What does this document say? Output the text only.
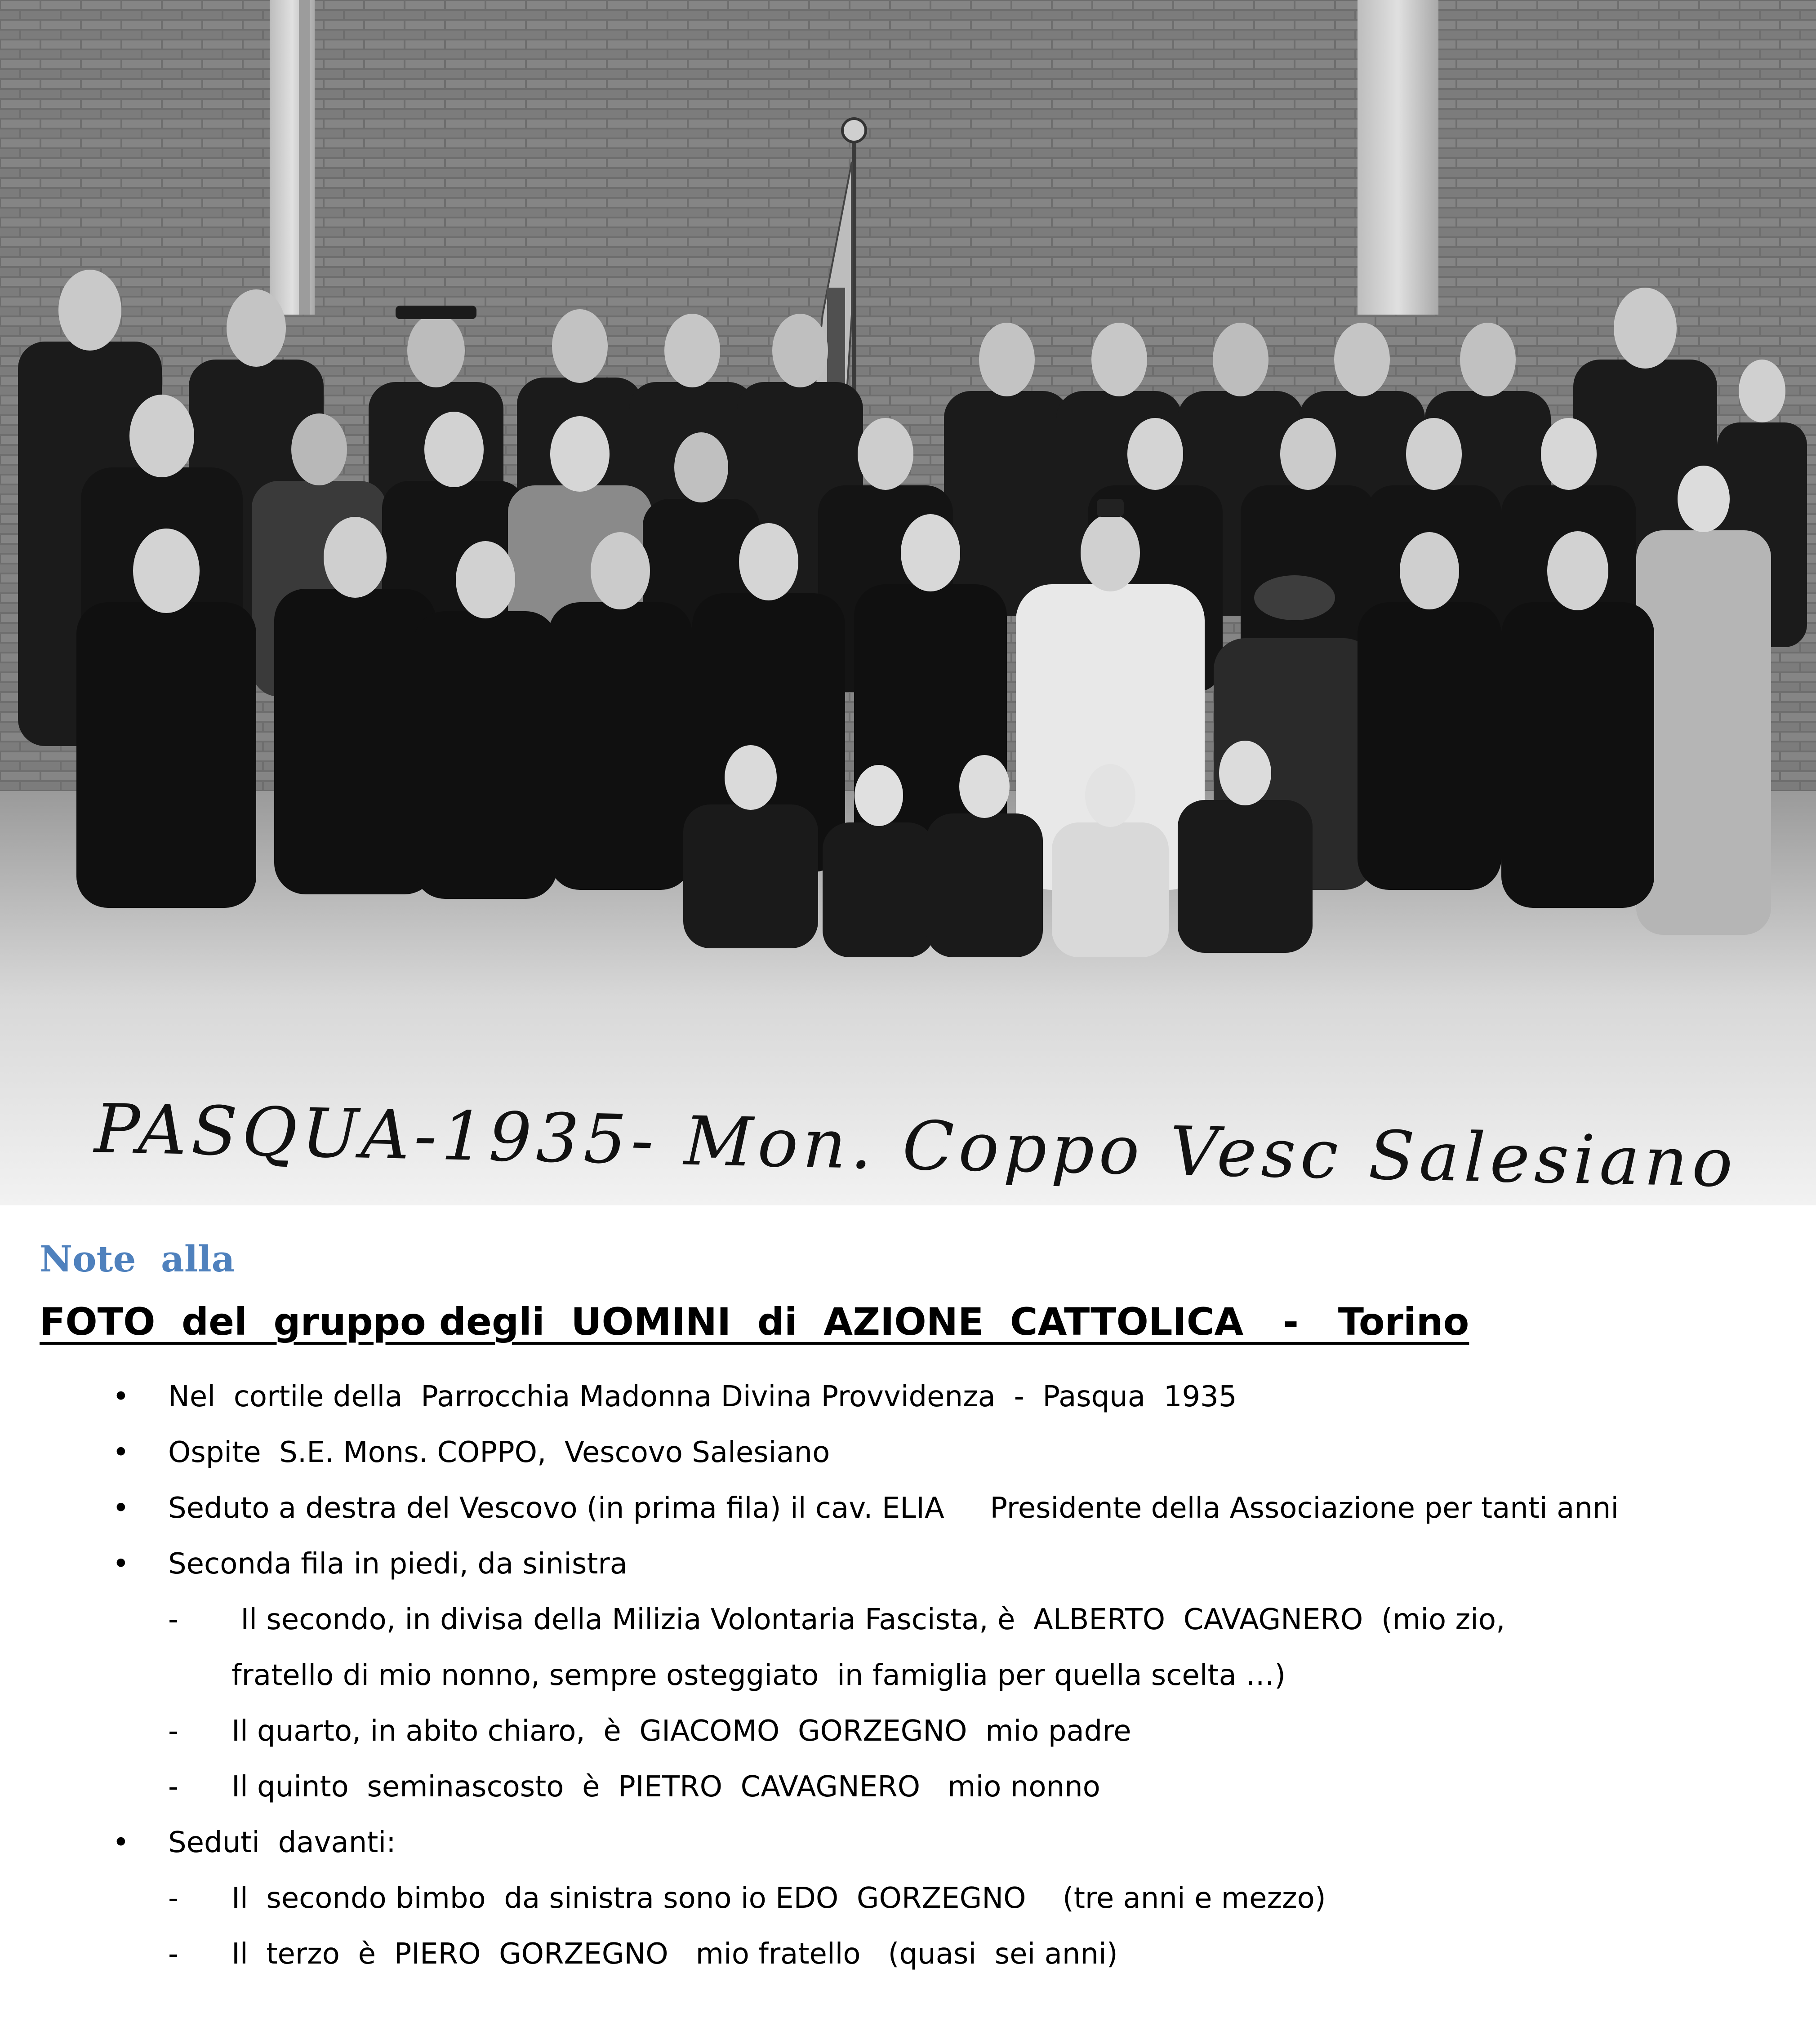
PASQUA-1935- Mon. Coppo Vesc Salesiano
Note  alla
FOTO  del  gruppo degli  UOMINI  di  AZIONE  CATTOLICA   -   Torino
• Nel  cortile della  Parrocchia Madonna Divina Provvidenza  -  Pasqua  1935
• Ospite  S.E. Mons. COPPO,  Vescovo Salesiano
• Seduto a destra del Vescovo (in prima fila) il cav. ELIA     Presidente della Associazione per tanti anni
• Seconda fila in piedi, da sinistra
- Il secondo, in divisa della Milizia Volontaria Fascista, è  ALBERTO  CAVAGNERO  (mio zio,
fratello di mio nonno, sempre osteggiato  in famiglia per quella scelta …)
- Il quarto, in abito chiaro,  è  GIACOMO  GORZEGNO  mio padre
- Il quinto  seminascosto  è  PIETRO  CAVAGNERO   mio nonno
• Seduti  davanti:
- Il  secondo bimbo  da sinistra sono io EDO  GORZEGNO    (tre anni e mezzo)
- Il  terzo  è  PIERO  GORZEGNO   mio fratello   (quasi  sei anni)
